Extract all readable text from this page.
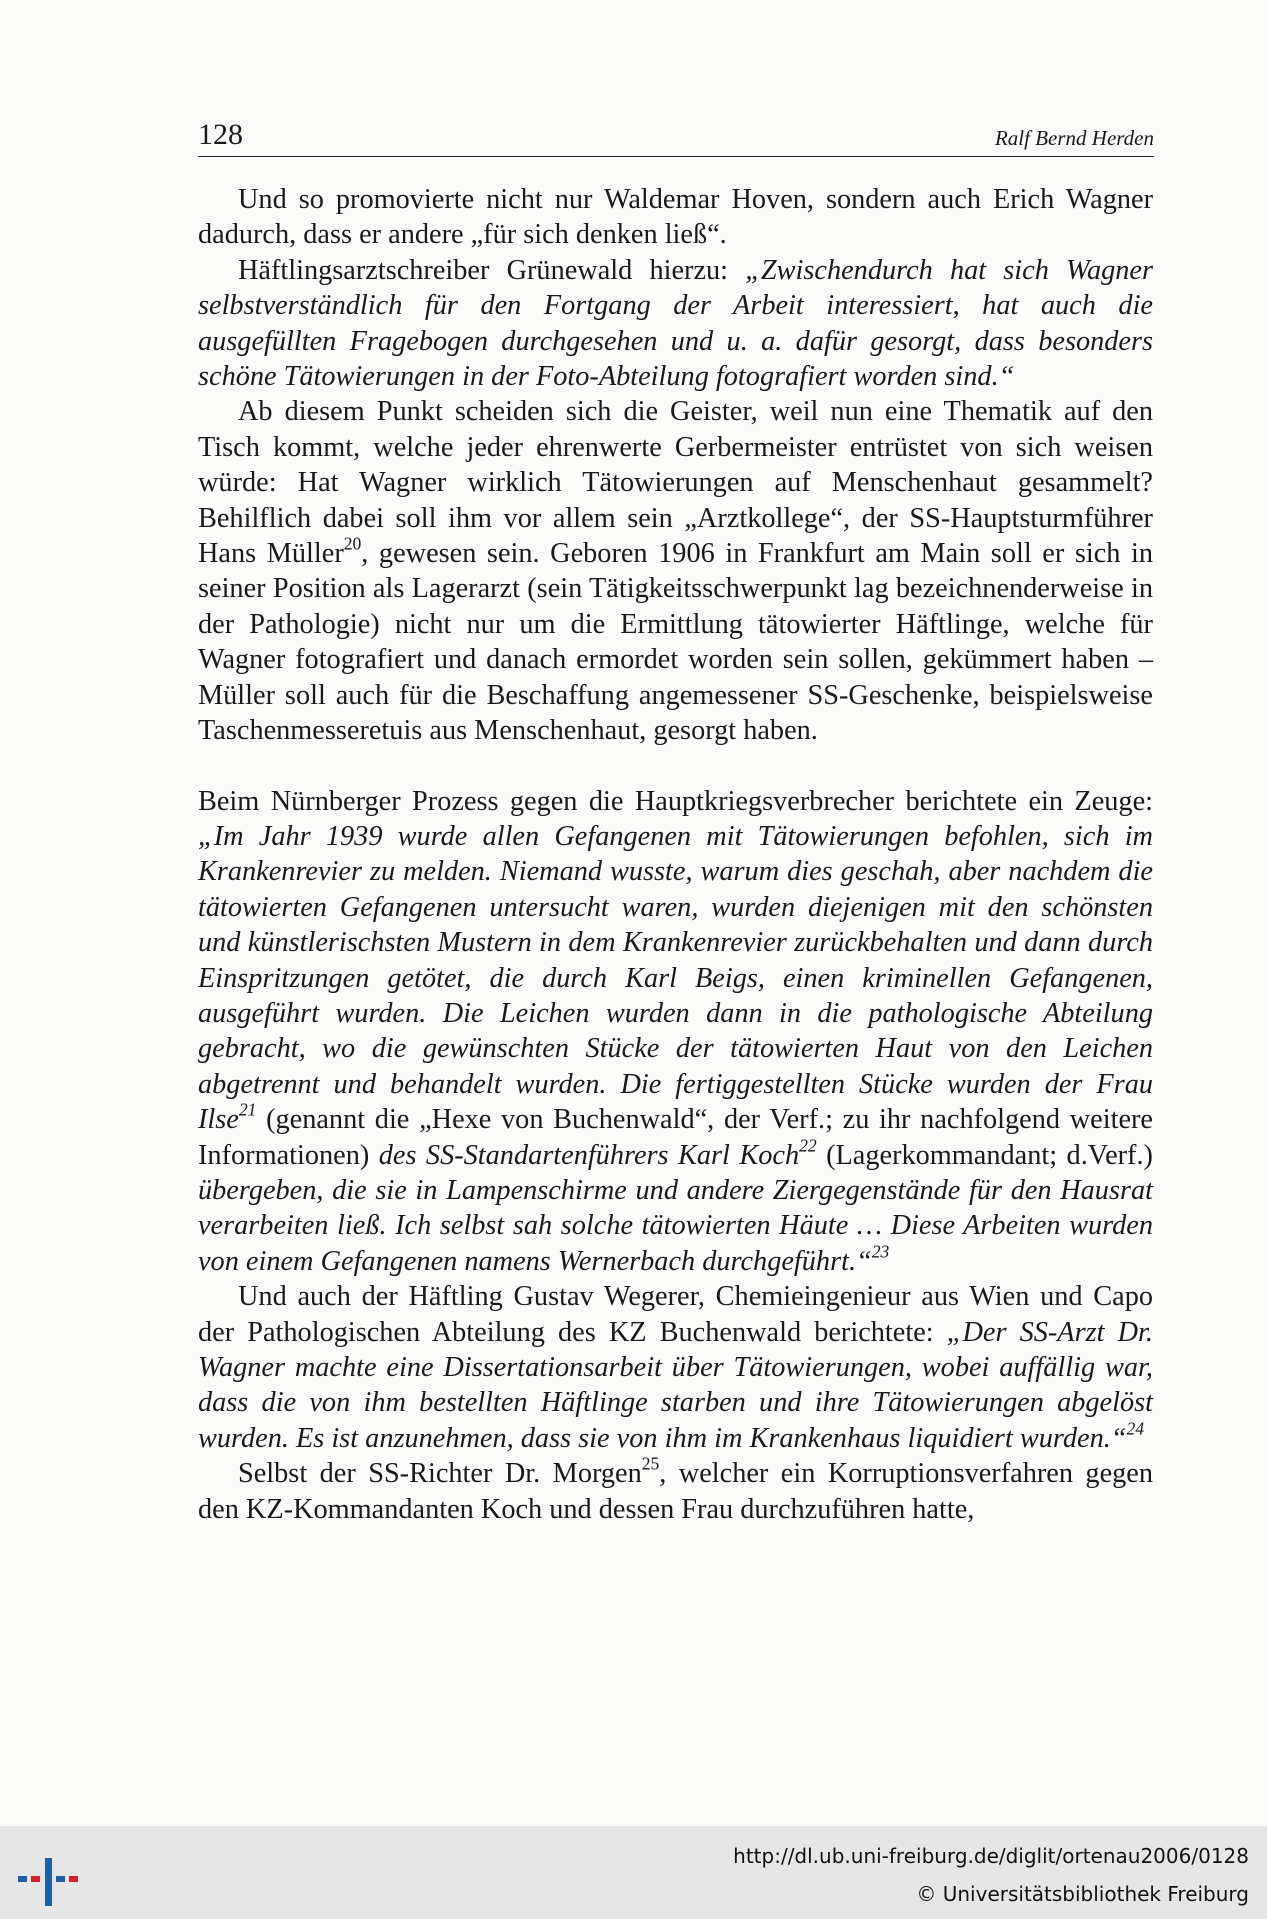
128	Ralf Bernd Herden

Und so promovierte nicht nur Waldemar Hoven, sondern auch Erich Wagner dadurch, dass er andere „für sich denken ließ“.

Häftlingsarztschreiber Grünewald hierzu: „Zwischendurch hat sich Wagner selbstverständlich für den Fortgang der Arbeit interessiert, hat auch die ausgefüllten Fragebogen durchgesehen und u. a. dafür gesorgt, dass besonders schöne Tätowierungen in der Foto-Abteilung fotografiert worden sind.“

Ab diesem Punkt scheiden sich die Geister, weil nun eine Thematik auf den Tisch kommt, welche jeder ehrenwerte Gerbermeister entrüstet von sich weisen würde: Hat Wagner wirklich Tätowierungen auf Menschenhaut gesammelt? Behilflich dabei soll ihm vor allem sein „Arztkollege“, der SS-Hauptsturmführer Hans Müller$^{20}$, gewesen sein. Geboren 1906 in Frankfurt am Main soll er sich in seiner Position als Lagerarzt (sein Tätigkeitsschwerpunkt lag bezeichnenderweise in der Pathologie) nicht nur um die Ermittlung tätowierter Häftlinge, welche für Wagner fotografiert und danach ermordet worden sein sollen, gekümmert haben – Müller soll auch für die Beschaffung angemessener SS-Geschenke, beispielsweise Taschenmesseretuis aus Menschenhaut, gesorgt haben.

Beim Nürnberger Prozess gegen die Hauptkriegsverbrecher berichtete ein Zeuge: „Im Jahr 1939 wurde allen Gefangenen mit Tätowierungen befohlen, sich im Krankenrevier zu melden. Niemand wusste, warum dies geschah, aber nachdem die tätowierten Gefangenen untersucht waren, wurden diejenigen mit den schönsten und künstlerischsten Mustern in dem Krankenrevier zurückbehalten und dann durch Einspritzungen getötet, die durch Karl Beigs, einen kriminellen Gefangenen, ausgeführt wurden. Die Leichen wurden dann in die pathologische Abteilung gebracht, wo die gewünschten Stücke der tätowierten Haut von den Leichen abgetrennt und behandelt wurden. Die fertiggestellten Stücke wurden der Frau Ilse$^{21}$ (genannt die „Hexe von Buchenwald“, der Verf.; zu ihr nachfolgend weitere Informationen) des SS-Standartenführers Karl Koch$^{22}$ (Lagerkommandant; d.Verf.) übergeben, die sie in Lampenschirme und andere Ziergegenstände für den Hausrat verarbeiten ließ. Ich selbst sah solche tätowierten Häute … Diese Arbeiten wurden von einem Gefangenen namens Wernerbach durchgeführt.“$^{23}$

Und auch der Häftling Gustav Wegerer, Chemieingenieur aus Wien und Capo der Pathologischen Abteilung des KZ Buchenwald berichtete: „Der SS-Arzt Dr. Wagner machte eine Dissertationsarbeit über Tätowierungen, wobei auffällig war, dass die von ihm bestellten Häftlinge starben und ihre Tätowierungen abgelöst wurden. Es ist anzunehmen, dass sie von ihm im Krankenhaus liquidiert wurden.“$^{24}$

Selbst der SS-Richter Dr. Morgen$^{25}$, welcher ein Korruptionsverfahren gegen den KZ-Kommandanten Koch und dessen Frau durchzuführen hatte,

http://dl.ub.uni-freiburg.de/diglit/ortenau2006/0128
© Universitätsbibliothek Freiburg
